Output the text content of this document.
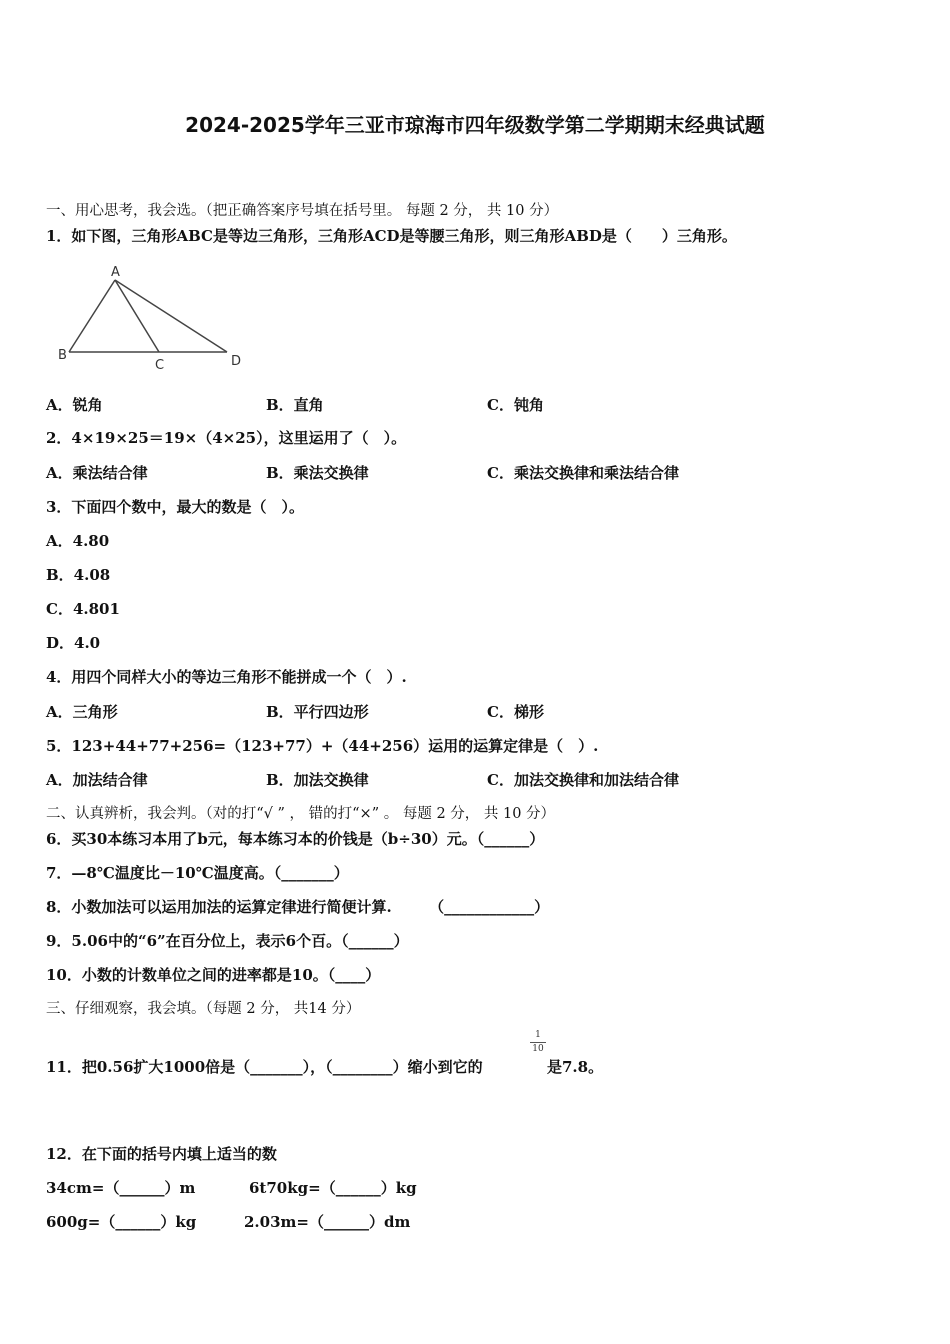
2024-2025学年三亚市琼海市四年级数学第二学期期末经典试题
一、用心思考，我会选。（把正确答案序号填在括号里。 每题 2 分， 共 10 分）
1．如下图，三角形ABC是等边三角形，三角形ACD是等腰三角形，则三角形ABD是（　　）三角形。
A
B
C	D
A．锐角	B．直角	C．钝角
2．4×19×25＝19×（4×25），这里运用了（　）。
A．乘法结合律	B．乘法交换律	C．乘法交换律和乘法结合律
3．下面四个数中，最大的数是（　）。
A．4.80
B．4.08
C．4.801
D．4.0
4．用四个同样大小的等边三角形不能拼成一个（　）.
A．三角形	B．平行四边形	C．梯形
5．123+44+77+256=（123+77）+（44+256）运用的运算定律是（　）.
A．加法结合律	B．加法交换律	C．加法交换律和加法结合律
二、认真辨析，我会判。（对的打“√ ” ， 错的打“×” 。 每题 2 分， 共 10 分）
6．买30本练习本用了b元，每本练习本的价钱是（b÷30）元。（______）
7．—8℃温度比－10℃温度高。（_______）
8．小数加法可以运用加法的运算定律进行简便计算.　　　（____________）
9．5.06中的“6”在百分位上，表示6个百。（______）
10．小数的计数单位之间的进率都是10。（____）
三、仔细观察，我会填。（每题 2 分， 共14 分）
11．把0.56扩大1000倍是（_______），（________）缩小到它的
1
10
是7.8。
12．在下面的括号内填上适当的数
34cm=（______）m	6t70kg=（______）kg
600g=（______）kg	2.03m=（______）dm
